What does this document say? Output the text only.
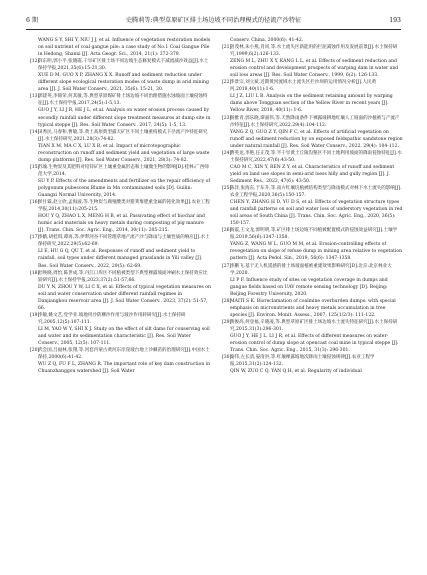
6 期	史腾莉等:典型草原矿区排土场边坡不同治理模式的径流产沙特征	193

WANG S Y, SHI Y, NIU J J, et al. Influence of vegetation restoration models on soil nutrient of coal gangue pile: a case study of No.1 Coal Gangue Pile in Hedong, Shanxi [J]. Acta Geogr. Sci., 2014, 21(1): 372-379.

[12]薛东明,郭小平,张晓霞.干旱矿区排土场不同边坡生态修复模式下减流减沙效益[J].水土保持学报,2021,35(6):15-21,30.

XUE D M, GUO X P, ZHANG X X. Runoff and sediment reduction under different slope ecological restoration modes of waste dump in arid mining area [J]. J. Soil Water Conserv., 2021, 35(6): 15-21, 30.

[13]郭建英,李锦荣,何其敏,等.典型草原煤矿排土场边坡不同治理措施水蚀坡面土壤侵蚀特征[J].水土保持学报,2017,24(5):1-5,13.

GUO J Y, LI J R, HE J L, et al. Analysis on water erosion process caused by secondly rainfall under different slope treatment measures at dump site in typical steppe [J]. Res. Soil Water Conserv., 2017, 24(5): 1-5, 13.

[14]田秀民,马春和,曹敏,等.黄土高原典型露天矿区不同土壤重构模式下径流产沙特征研究[J].水土保持研究,2021,28(3):74-82.

TIAN X M, MA C X, LU X B, et al. Impact of microtopographic reconstruction on runoff and sediment yield and vegetation of large waste dump platforms [J]. Res. Soil Water Conserv., 2021, 28(3): 74-82.

[15]苏瑜.生物炭及其肥料对铅锌矿区土壤重金属形态和土壤微生物的影响[D].桂林:广西师范大学,2014.

SU Y P. Effects of the amendments and fertilizer on the repair efficiency of polygonum pubescens Blume in Mn contaminated soils [D]. Guilin: Guangxi Normal University, 2014.

[16]侯甘霖,赵立欣,孟海波,等.生物炭与腐殖酸类对猪粪堆肥重金属的钝化效果[J].农业工程学报,2014,30(11):205-215.

HOU Y Q, ZHAO L X, MENG H B, et al. Passivating effect of biochar and humic acid materials on heavy metals during composting of pig manure [J]. Trans. Chin. Soc. Agric. Eng., 2014, 30(11): 205-215.

[17]李娥,胡桂琪,谭再,等.伊犁河谷不同管理草地产流产沙与降雨与土壤性质的响应[J].水土保持研究,2022,29(5):62-69.

LI E, HU G Q, QU T, et al. Responses of runoff and sediment yield to rainfall, soil types under different managed grasslands in Yili valley [J]. Res. Soil Water Conserv., 2022, 29(5): 62-69.

[18]杜唤晓,周怡,陈世成,等.丹江口库区不同植被类型下典型裸露坡面冲刷水土保持效应比较研究[J].水土保持学报,2023,37(2):51-57,66.

DU Y N, ZHOU Y W, LI C X, et al. Effects of typical vegetation measures on soil and water conservation under different rainfall regimes in Danjiangkou reservoir area [J]. J. Soil Water Conserv., 2023, 37(2): 51-57, 66.

[19]李敏,姚文艺,党学亚.坡地用沙防柳沙作用与坡沙作用转研究[J].水土保持研究,2005,12(5):107-111.

LI M, YAO W Y, SHI X J. Study on the effect of silt dams for conserving soil and water and its sedimentation characteristic [J]. Res. Soil Water Conserv., 2005, 12(5): 107-111.

[20]武会国,吕福林,张翔,等.河套内蒙古黄河东岸崖坡台地上沙棘苗的治理研究[J].中国水土保持,2000(6):41-42.

WU Z Q, FU F L, ZHANG R. The important role of key dam construction in Chuanzhanggou watershed [J]. Soil Water

Conserv. China, 2000(6): 41-42.

[21]曾茂林,朱小燕,肖同,等.水土流失区新能用的拦泥减蚀作用及发展前景[J].水土保持研究,1999,6(2):126-133.

ZENG M L, ZHU X Y, KANG L L, et al. Effects of sediment reduction and erosion control and development prospects of warping dam in water and soil loss areas [J]. Res. Soil Water Conserv., 1999, 6(2): 126-133.

[22]李景宗,刘立斌.近期黄河流域水土流失区拦沙坝的运用情况分析[J].人民黄河,2018,40(11):1-6.

LI J Z, LIU L B. Analysis on the sediment retaining amount by warping dams above Tongguan section of the Yellow River in recent years [J]. Yellow River, 2018, 40(11): 1-6.

[23]杨雅青,郭乐晓,谭嘉伟,等.天然降雨条件下裸露坡耕地红壤人工坡面的沙植被与产流产沙特征[J].水土保持研究,2022,29(4):104-112.

YANG Z Q, GUO Z Y, QIN F C, et al. Effects of artificial vegetation on runoff and sediment reduction by on exposed feldspathic sandstone region under natural rainfall [J]. Res. Soil Water Conserv., 2022, 29(4): 104-112.

[24]曹英龙,李艳,任正茂,等.半干旱黄土丘陵沟壑区不同土地利用坡面的降雨侵蚀特征[J].水土保持研究,2022,47(6):43-50.

CAO M C, XIN Y, REN Z Y, et al. Characteristics of runoff and sediment yield on land use slopes in semi-arid loess hilly and gully region [J]. J. Sediment Res., 2022, 47(6): 43-50.

[25]陈洋,张海东,于东升,等.南方红壤坑植被结构类型与降雨模式对林下水土流失的影响[J].农业工程学报,2020,36(5):150-157.

CHEN Y, ZHANG H D, YU D S, et al. Effects of vegetation structure types and rainfall patterns on soil and water loss of understory vegetation in red soil areas of South China [J]. Trans. Chin. Soc. Agric. Eng., 2020, 36(5): 150-157.

[26]杨震,王文龙,郭明明,等.矿区排土场边坡不同植被配置模式的侵蚀效益研究[J].土壤学报,2019,56(6):1347-1358.

YANG Z, WANG W L, GUO M M, et al. Erosion-controlling effects of revegetation on slope of refuse dump in mining area relative to vegetation pattern [J]. Acta Pedol. Sin., 2019, 56(6): 1347-1358.

[27]李鹏飞.基于无人机遥感的排土场坡面植被重建效果影响研究[D].北京:北京林业大学,2020.

LI P F. Influence study of sites on vegetation coverage in dumps and gangue fields based on UAV remote sensing technology [D]. Beijing: Beijing Forestry University, 2020.

[28]MAITI S K. Bioreclamation of coalmine overburden dumps: with special emphasis on micronutrients and heavy metals accumulation in tree species [J]. Environ. Monit. Assess., 2007, 125(1/2/3): 111-122.

[29]黄俊高,何登福,辛晓凌,等.典型草原矿区排土场边坡水土流失特征研究[J].水土保持研究,2015,31(3):296-301.

GUO J Y, HE J L, LI J R, et al. Effects of different measures on water-erosion control of dump slope at opencast coal mine in typical steppe [J]. Trans. Chin. Soc. Agric. Eng., 2015, 31(3): 296-301.

[30]秦伟,左长清,晏清洪,等.红壤裸露坡地次降雨土壤侵蚀规律[J].农业工程学报,2015,31(2):124-132.

QIN W, ZUO C Q, YAN Q H, et al. Regularity of individual
